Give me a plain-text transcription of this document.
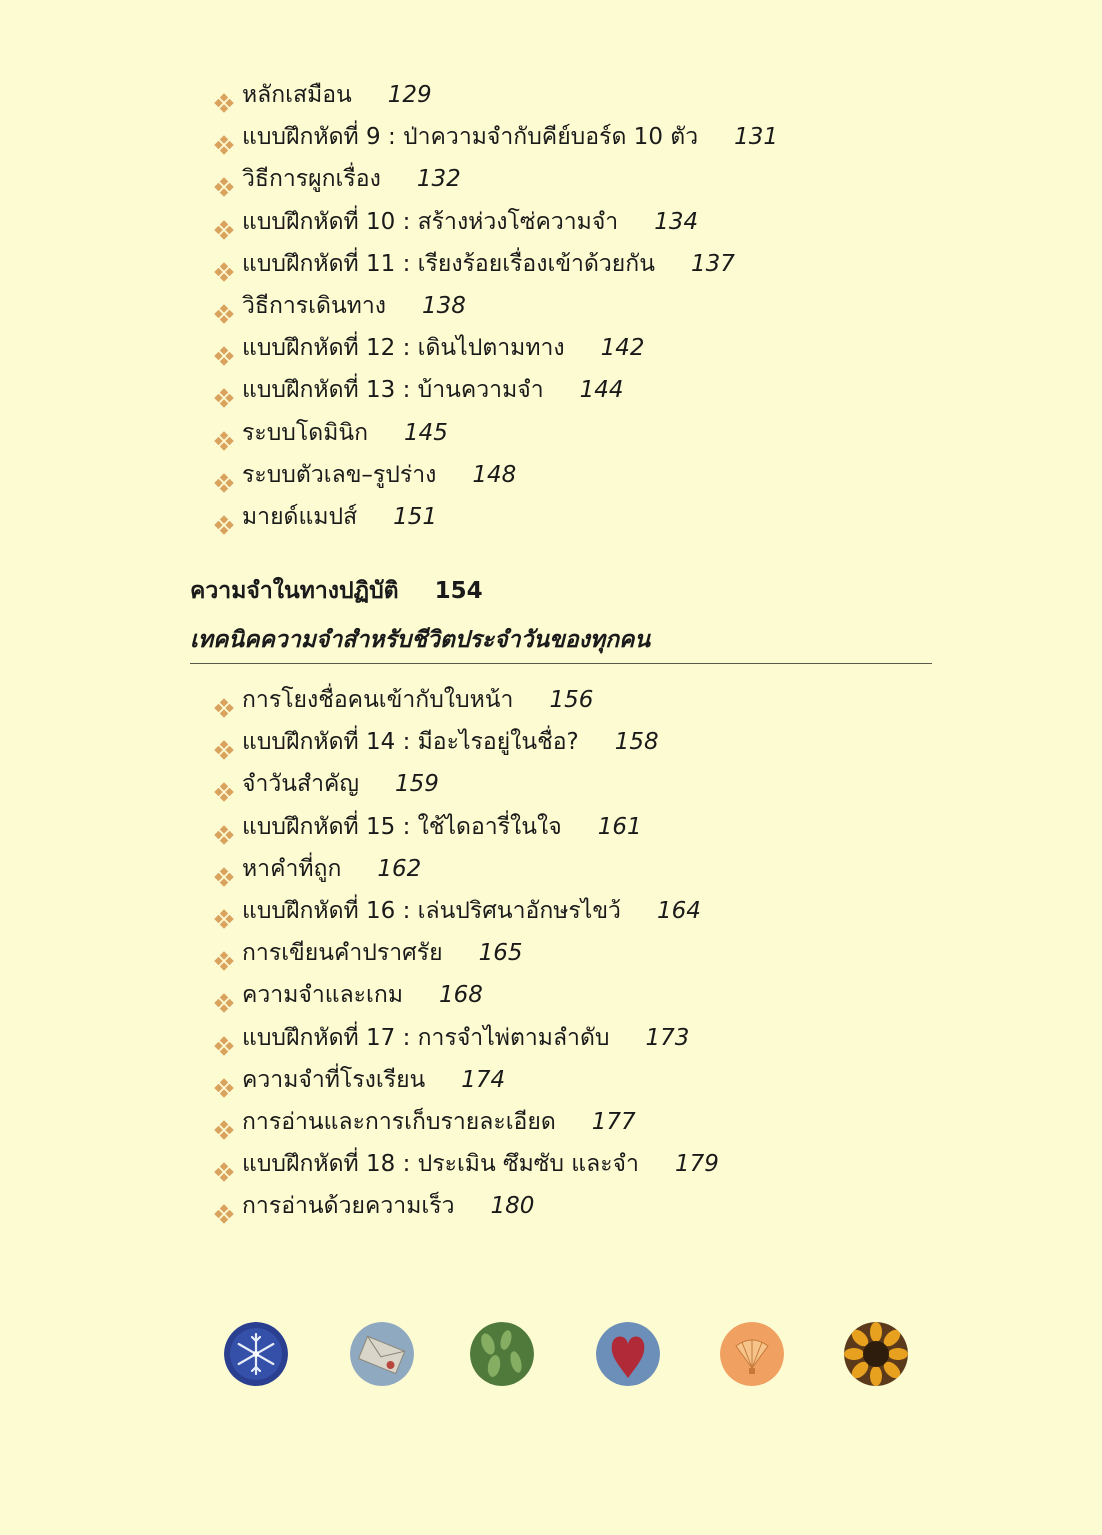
หลักเสมือน 129
แบบฝึกหัดที่ 9 : ป่าความจำกับคีย์บอร์ด 10 ตัว 131
วิธีการผูกเรื่อง 132
แบบฝึกหัดที่ 10 : สร้างห่วงโซ่ความจำ 134
แบบฝึกหัดที่ 11 : เรียงร้อยเรื่องเข้าด้วยกัน 137
วิธีการเดินทาง 138
แบบฝึกหัดที่ 12 : เดินไปตามทาง 142
แบบฝึกหัดที่ 13 : บ้านความจำ 144
ระบบโดมินิก 145
ระบบตัวเลข–รูปร่าง 148
มายด์แมปส์ 151
ความจำในทางปฏิบัติ 154
เทคนิคความจำสำหรับชีวิตประจำวันของทุกคน
การโยงชื่อคนเข้ากับใบหน้า 156
แบบฝึกหัดที่ 14 : มีอะไรอยู่ในชื่อ? 158
จำวันสำคัญ 159
แบบฝึกหัดที่ 15 : ใช้ไดอารี่ในใจ 161
หาคำที่ถูก 162
แบบฝึกหัดที่ 16 : เล่นปริศนาอักษรไขว้ 164
การเขียนคำปราศรัย 165
ความจำและเกม 168
แบบฝึกหัดที่ 17 : การจำไพ่ตามลำดับ 173
ความจำที่โรงเรียน 174
การอ่านและการเก็บรายละเอียด 177
แบบฝึกหัดที่ 18 : ประเมิน ซึมซับ และจำ 179
การอ่านด้วยความเร็ว 180
